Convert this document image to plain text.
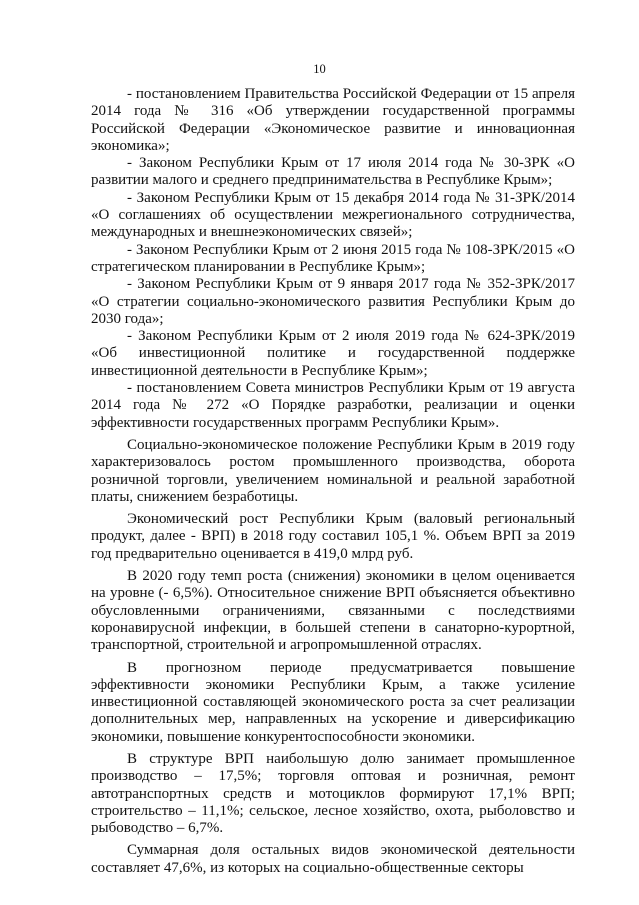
10

- постановлением Правительства Российской Федерации от 15 апреля 2014 года № 316 «Об утверждении государственной программы Российской Федерации «Экономическое развитие и инновационная экономика»;

- Законом Республики Крым от 17 июля 2014 года № 30-ЗРК «О развитии малого и среднего предпринимательства в Республике Крым»;

- Законом Республики Крым от 15 декабря 2014 года № 31-ЗРК/2014 «О соглашениях об осуществлении межрегионального сотрудничества, международных и внешнеэкономических связей»;

- Законом Республики Крым от 2 июня 2015 года № 108-ЗРК/2015 «О стратегическом планировании в Республике Крым»;

- Законом Республики Крым от 9 января 2017 года № 352-ЗРК/2017 «О стратегии социально-экономического развития Республики Крым до 2030 года»;

- Законом Республики Крым от 2 июля 2019 года № 624-ЗРК/2019 «Об инвестиционной политике и государственной поддержке инвестиционной деятельности в Республике Крым»;

- постановлением Совета министров Республики Крым от 19 августа 2014 года № 272 «О Порядке разработки, реализации и оценки эффективности государственных программ Республики Крым».

Социально-экономическое положение Республики Крым в 2019 году характеризовалось ростом промышленного производства, оборота розничной торговли, увеличением номинальной и реальной заработной платы, снижением безработицы.

Экономический рост Республики Крым (валовый региональный продукт, далее - ВРП) в 2018 году составил 105,1 %. Объем ВРП за 2019 год предварительно оценивается в 419,0 млрд руб.

В 2020 году темп роста (снижения) экономики в целом оценивается на уровне (- 6,5%). Относительное снижение ВРП объясняется объективно обусловленными ограничениями, связанными с последствиями коронавирусной инфекции, в большей степени в санаторно-курортной, транспортной, строительной и агропромышленной отраслях.

В прогнозном периоде предусматривается повышение эффективности экономики Республики Крым, а также усиление инвестиционной составляющей экономического роста за счет реализации дополнительных мер, направленных на ускорение и диверсификацию экономики, повышение конкурентоспособности экономики.

В структуре ВРП наибольшую долю занимает промышленное производство – 17,5%; торговля оптовая и розничная, ремонт автотранспортных средств и мотоциклов формируют 17,1% ВРП; строительство – 11,1%; сельское, лесное хозяйство, охота, рыболовство и рыбоводство – 6,7%.

Суммарная доля остальных видов экономической деятельности составляет 47,6%, из которых на социально-общественные секторы
